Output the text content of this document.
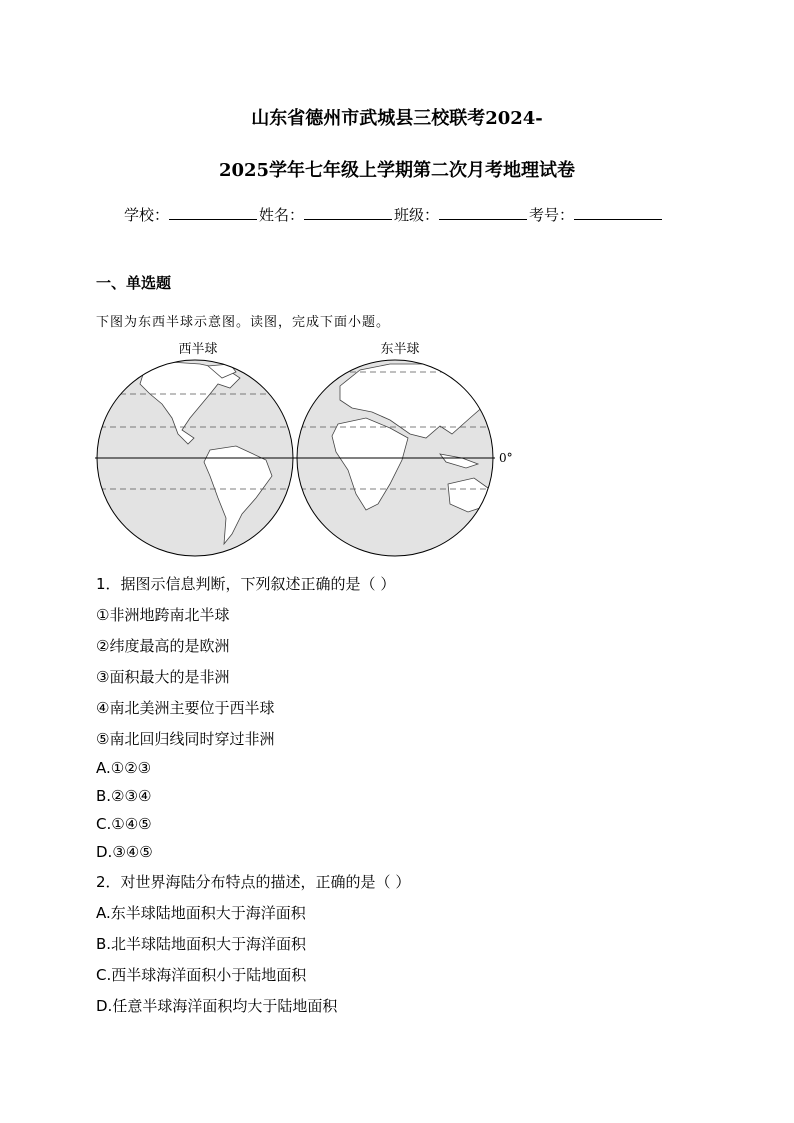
山东省德州市武城县三校联考2024-
2025学年七年级上学期第二次月考地理试卷
学校：	姓名：	班级：	考号：
一、单选题
下图为东西半球示意图。读图，完成下面小题。
西半球	东半球
0°
1．据图示信息判断，下列叙述正确的是（ ）
①非洲地跨南北半球
②纬度最高的是欧洲
③面积最大的是非洲
④南北美洲主要位于西半球
⑤南北回归线同时穿过非洲
A.①②③
B.②③④
C.①④⑤
D.③④⑤
2．对世界海陆分布特点的描述，正确的是（ ）
A.东半球陆地面积大于海洋面积
B.北半球陆地面积大于海洋面积
C.西半球海洋面积小于陆地面积
D.任意半球海洋面积均大于陆地面积
